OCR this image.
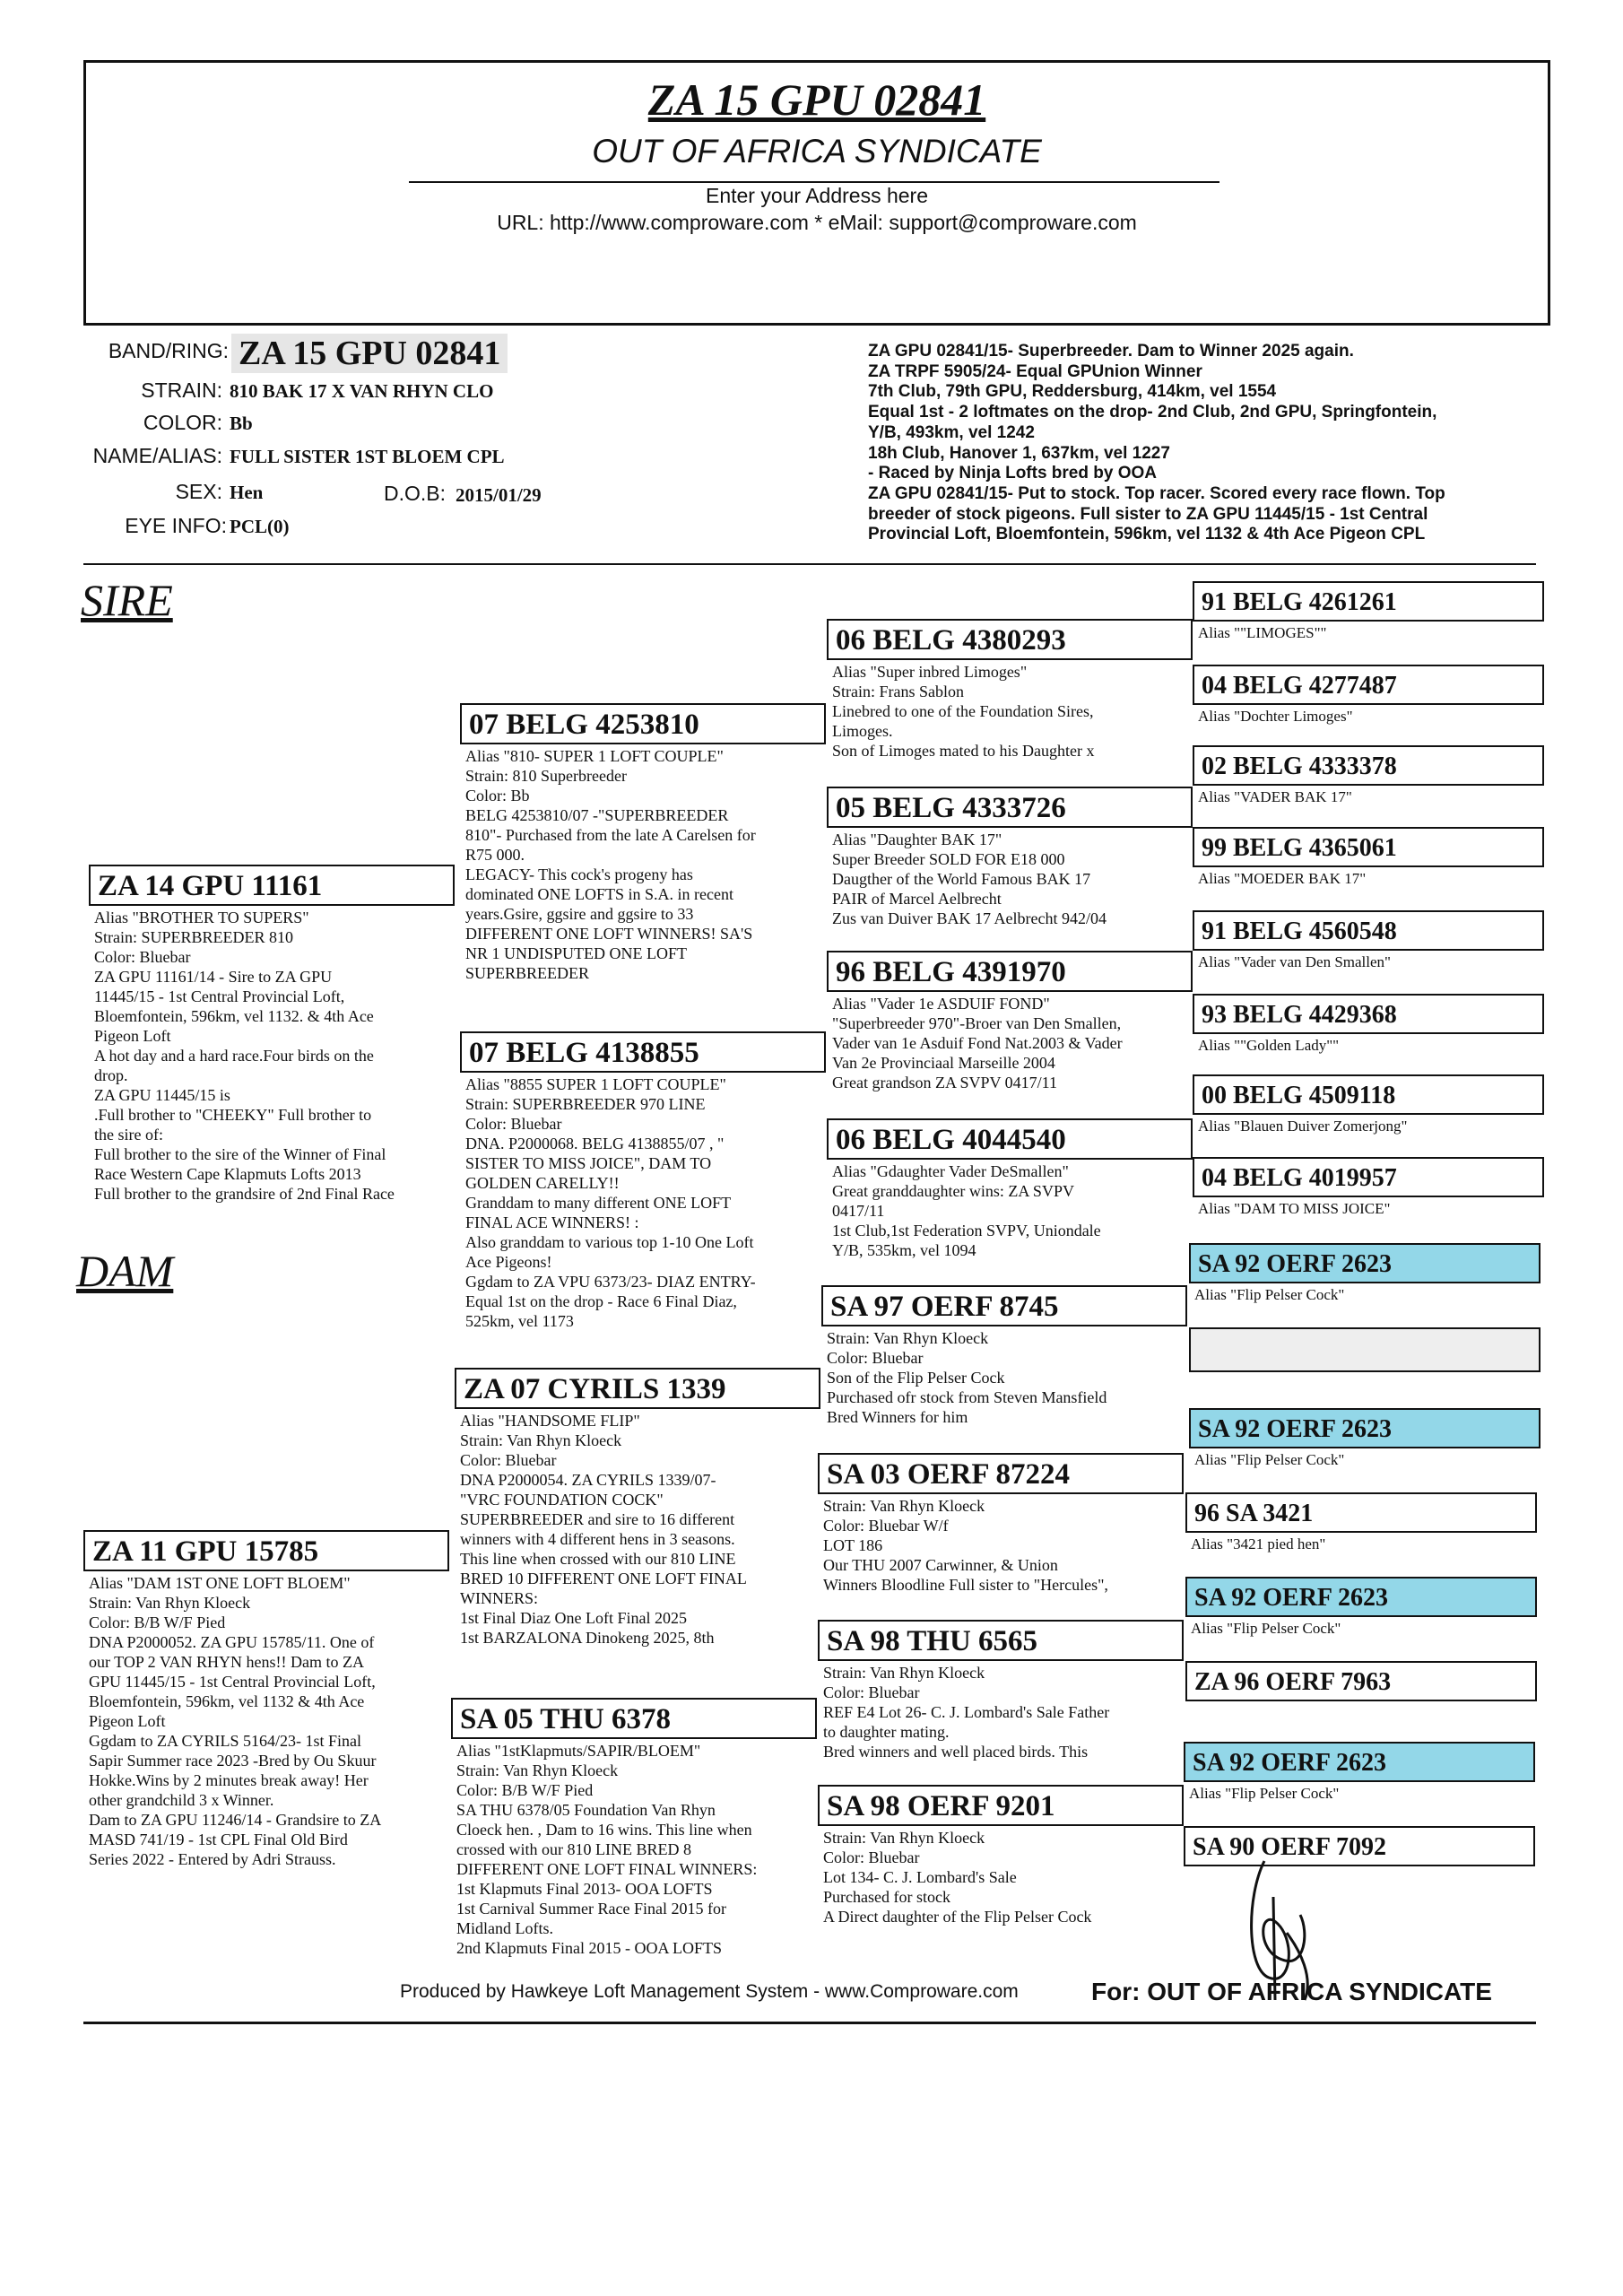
ZA 15 GPU 02841
OUT OF AFRICA SYNDICATE
Enter your Address here
URL: http://www.comproware.com * eMail: support@comproware.com
BAND/RING: ZA 15 GPU 02841
STRAIN: 810 BAK 17 X VAN RHYN CLO
COLOR: Bb
NAME/ALIAS: FULL SISTER 1ST BLOEM CPL
SEX: Hen	D.O.B: 2015/01/29
EYE INFO: PCL(0)
ZA GPU 02841/15- Superbreeder. Dam to Winner 2025 again.
ZA TRPF 5905/24- Equal GPUnion Winner
7th Club, 79th GPU, Reddersburg, 414km, vel 1554
Equal 1st - 2 loftmates on the drop- 2nd Club, 2nd GPU, Springfontein,
Y/B, 493km, vel 1242
18h Club, Hanover 1, 637km, vel 1227
- Raced by Ninja Lofts bred by OOA
ZA GPU 02841/15- Put to stock. Top racer. Scored every race flown. Top
breeder of stock pigeons. Full sister to ZA GPU 11445/15 - 1st Central
Provincial Loft, Bloemfontein, 596km, vel 1132 & 4th Ace Pigeon CPL
SIRE
DAM
ZA 14 GPU 11161
Alias "BROTHER TO SUPERS"
Strain: SUPERBREEDER 810
Color: Bluebar
ZA GPU 11161/14 - Sire to ZA GPU
11445/15 - 1st Central Provincial Loft,
Bloemfontein, 596km, vel 1132. & 4th Ace
Pigeon Loft
A hot day and a hard race.Four birds on the
drop.
ZA GPU 11445/15 is
.Full brother to "CHEEKY" Full brother to
the sire of:
Full brother to the sire of the Winner of Final
Race Western Cape Klapmuts Lofts 2013
Full brother to the grandsire of 2nd Final Race
ZA 11 GPU 15785
Alias "DAM 1ST ONE LOFT BLOEM"
Strain: Van Rhyn Kloeck
Color: B/B W/F Pied
DNA P2000052. ZA GPU 15785/11. One of
our TOP 2 VAN RHYN hens!! Dam to ZA
GPU 11445/15 - 1st Central Provincial Loft,
Bloemfontein, 596km, vel 1132 & 4th Ace
Pigeon Loft
Ggdam to ZA CYRILS 5164/23- 1st Final
Sapir Summer race 2023 -Bred by Ou Skuur
Hokke.Wins by 2 minutes break away! Her
other grandchild 3 x Winner.
Dam to ZA GPU 11246/14 - Grandsire to ZA
MASD 741/19 - 1st CPL Final Old Bird
Series 2022 - Entered by Adri Strauss.
07 BELG 4253810
Alias "810- SUPER 1 LOFT COUPLE"
Strain: 810 Superbreeder
Color: Bb
BELG 4253810/07 -"SUPERBREEDER
810"- Purchased from the late A Carelsen for
R75 000.
LEGACY- This cock's progeny has
dominated ONE LOFTS in S.A. in recent
years.Gsire, ggsire and ggsire to 33
DIFFERENT ONE LOFT WINNERS! SA'S
NR 1 UNDISPUTED ONE LOFT
SUPERBREEDER
07 BELG 4138855
Alias "8855 SUPER 1 LOFT COUPLE"
Strain: SUPERBREEDER 970 LINE
Color: Bluebar
DNA. P2000068. BELG 4138855/07 , "
SISTER TO MISS JOICE", DAM TO
GOLDEN CARELLY!!
Granddam to many different ONE LOFT
FINAL ACE WINNERS! :
Also granddam to various top 1-10 One Loft
Ace Pigeons!
Ggdam to ZA VPU 6373/23- DIAZ ENTRY-
Equal 1st on the drop - Race 6 Final Diaz,
525km, vel 1173
ZA 07 CYRILS 1339
Alias "HANDSOME FLIP"
Strain: Van Rhyn Kloeck
Color: Bluebar
DNA P2000054. ZA CYRILS 1339/07-
"VRC FOUNDATION COCK"
SUPERBREEDER and sire to 16 different
winners with 4 different hens in 3 seasons.
This line when crossed with our 810 LINE
BRED 10 DIFFERENT ONE LOFT FINAL
WINNERS:
1st Final Diaz One Loft Final 2025
1st BARZALONA Dinokeng 2025, 8th
SA 05 THU 6378
Alias "1stKlapmuts/SAPIR/BLOEM"
Strain: Van Rhyn Kloeck
Color: B/B W/F Pied
SA THU 6378/05 Foundation Van Rhyn
Cloeck hen. , Dam to 16 wins. This line when
crossed with our 810 LINE BRED 8
DIFFERENT ONE LOFT FINAL WINNERS:
1st Klapmuts Final 2013- OOA LOFTS
1st Carnival Summer Race Final 2015 for
Midland Lofts.
2nd Klapmuts Final 2015 - OOA LOFTS
06 BELG 4380293
Alias "Super inbred Limoges"
Strain: Frans Sablon
Linebred to one of the Foundation Sires,
Limoges.
Son of Limoges mated to his Daughter x
05 BELG 4333726
Alias "Daughter BAK 17"
Super Breeder SOLD FOR E18 000
Daugther of the World Famous BAK 17
PAIR of Marcel Aelbrecht
Zus van Duiver BAK 17 Aelbrecht 942/04
96 BELG 4391970
Alias "Vader 1e ASDUIF FOND"
"Superbreeder 970"-Broer van Den Smallen,
Vader van 1e Asduif Fond Nat.2003 & Vader
Van 2e Provinciaal Marseille 2004
Great grandson ZA SVPV 0417/11
06 BELG 4044540
Alias "Gdaughter Vader DeSmallen"
Great granddaughter wins: ZA SVPV
0417/11
1st Club,1st Federation SVPV, Uniondale
Y/B, 535km, vel 1094
SA 97 OERF 8745
Strain: Van Rhyn Kloeck
Color: Bluebar
Son of the Flip Pelser Cock
Purchased ofr stock from Steven Mansfield
Bred Winners for him
SA 03 OERF 87224
Strain: Van Rhyn Kloeck
Color: Bluebar W/f
LOT 186
Our THU 2007 Carwinner, & Union
Winners Bloodline Full sister to "Hercules",
SA 98 THU 6565
Strain: Van Rhyn Kloeck
Color: Bluebar
REF E4 Lot 26- C. J. Lombard's Sale Father
to daughter mating.
Bred winners and well placed birds. This
SA 98 OERF 9201
Strain: Van Rhyn Kloeck
Color: Bluebar
Lot 134- C. J. Lombard's Sale
Purchased for stock
A Direct daughter of the Flip Pelser Cock
91 BELG 4261261
Alias ""LIMOGES""
04 BELG 4277487
Alias "Dochter Limoges"
02 BELG 4333378
Alias "VADER BAK 17"
99 BELG 4365061
Alias "MOEDER BAK 17"
91 BELG 4560548
Alias "Vader van Den Smallen"
93 BELG 4429368
Alias ""Golden Lady""
00 BELG 4509118
Alias "Blauen Duiver Zomerjong"
04 BELG 4019957
Alias "DAM TO MISS JOICE"
SA 92 OERF 2623
Alias "Flip Pelser Cock"
SA 92 OERF 2623
Alias "Flip Pelser Cock"
96 SA 3421
Alias "3421 pied hen"
SA 92 OERF 2623
Alias "Flip Pelser Cock"
ZA 96 OERF 7963
SA 92 OERF 2623
Alias "Flip Pelser Cock"
SA 90 OERF 7092
Produced by Hawkeye Loft Management System - www.Comproware.com	For: OUT OF AFRICA SYNDICATE
